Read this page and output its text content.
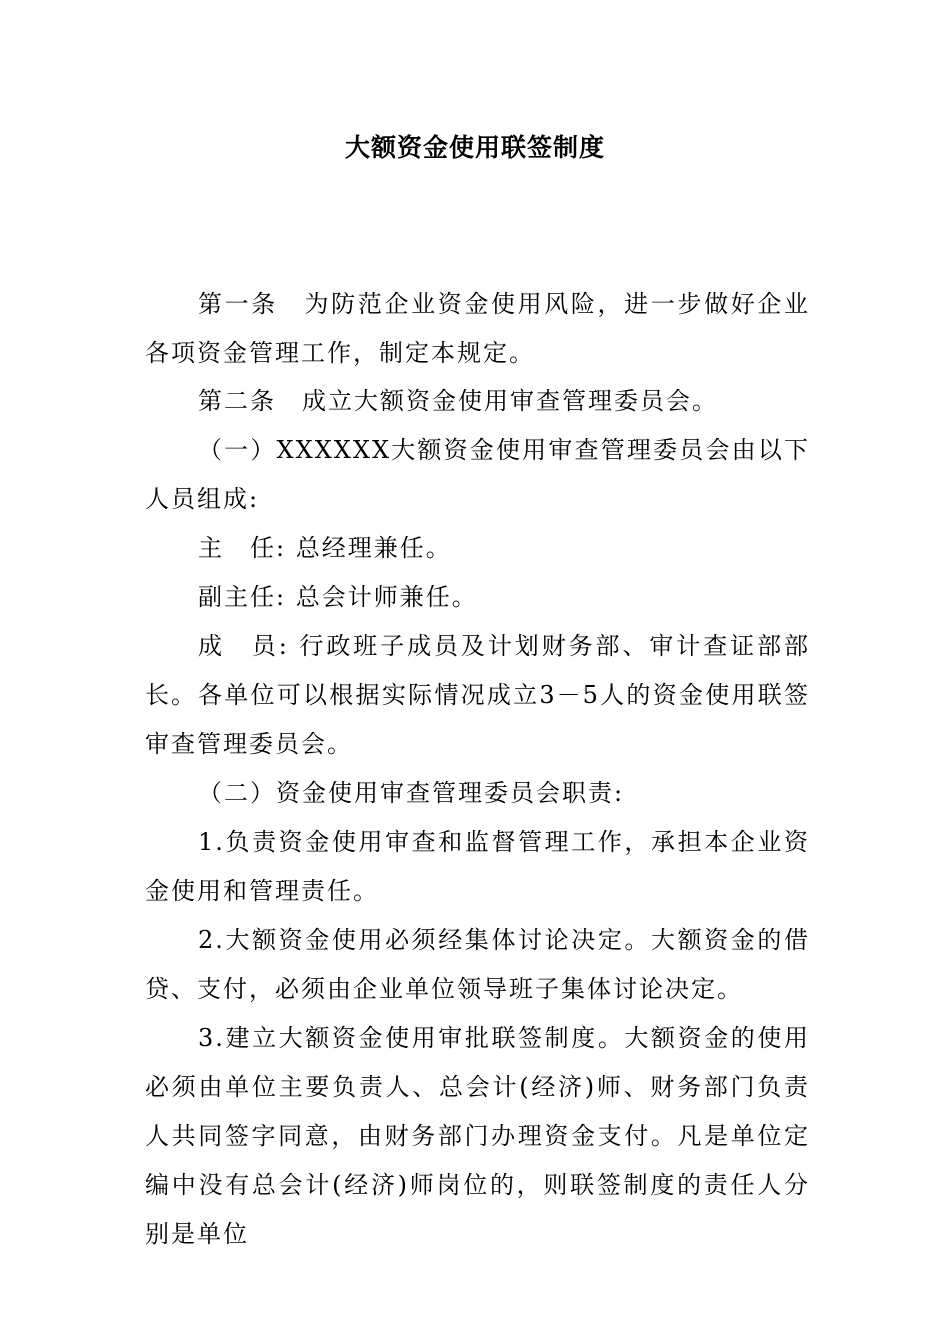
大额资金使用联签制度

第一条　为防范企业资金使用风险，进一步做好企业各项资金管理工作，制定本规定。

第二条　成立大额资金使用审查管理委员会。

（一）XXXXXX大额资金使用审查管理委员会由以下人员组成:

主　任: 总经理兼任。

副主任: 总会计师兼任。

成　员: 行政班子成员及计划财务部、审计查证部部长。 各单位可以根据实际情况成立3－5人的资金使用联签审查管理委员会。

（二）资金使用审查管理委员会职责:

1.负责资金使用审查和监督管理工作，承担本企业资金使用和管理责任。

2.大额资金使用必须经集体讨论决定。大额资金的借贷、支付，必须由企业单位领导班子集体讨论决定。

3.建立大额资金使用审批联签制度。大额资金的使用必须由单位主要负责人、总会计(经济)师、财务部门负责人共同签字同意，由财务部门办理资金支付。凡是单位定编中没有总会计(经济)师岗位的，则联签制度的责任人分别是单位
